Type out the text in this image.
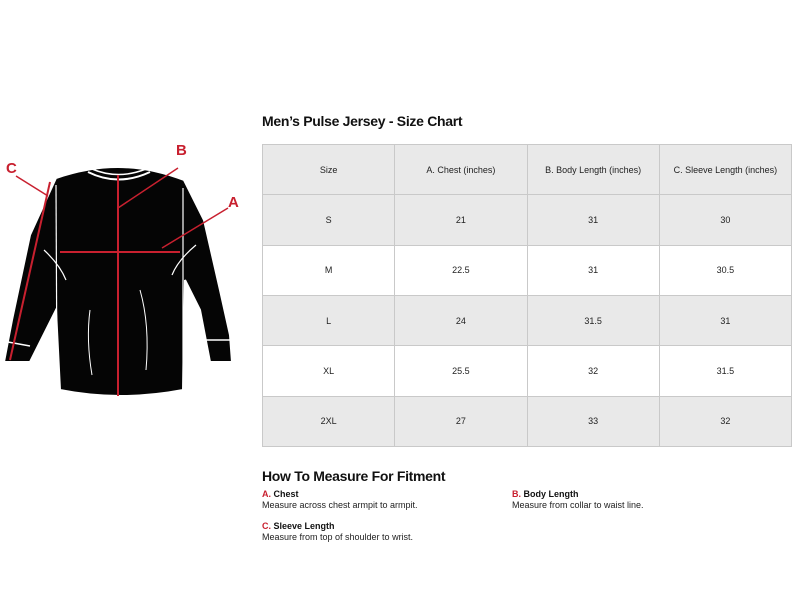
B
A
C
Men’s Pulse Jersey - Size Chart
Size	A. Chest (inches)	B. Body Length (inches)	C. Sleeve Length (inches)
S	21	31	30
M	22.5	31	30.5
L	24	31.5	31
XL	25.5	32	31.5
2XL	27	33	32
How To Measure For Fitment
A. Chest
Measure across chest armpit to armpit.
B. Body Length
Measure from collar to waist line.
C. Sleeve Length
Measure from top of shoulder to wrist.
